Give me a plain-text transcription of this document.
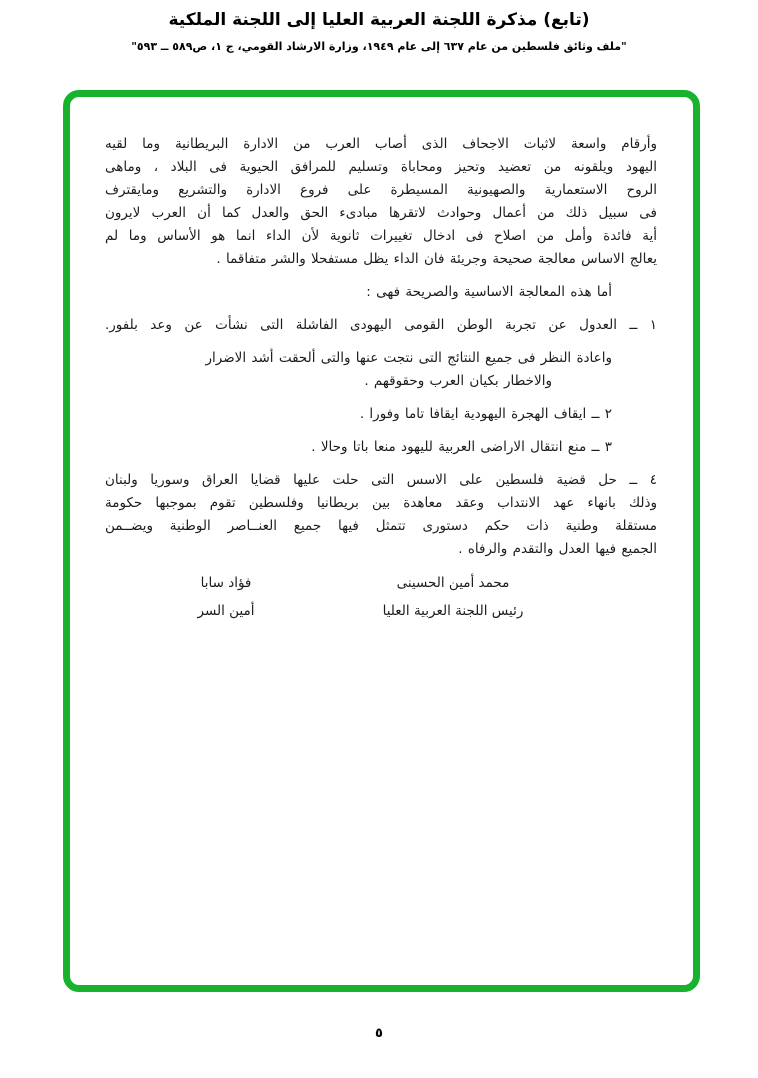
(تابع) مذكرة اللجنة العربية العليا إلى اللجنة الملكية
"ملف وثائق فلسطين من عام ٦٣٧ إلى عام ١٩٤٩، وزارة الارشاد القومي، ج ١، ص٥٨٩ ــ ٥٩٣"
وأرقام واسعة لاثبات الاجحاف الذى أصاب العرب من الادارة البريطانية وما لقيه
اليهود ويلقونه من تعضيد وتحيز ومحاباة وتسليم للمرافق الحيوية فى البلاد ، وماهى
الروح الاستعمارية والصهيونية المسيطرة على فروع الادارة والتشريع ومايقترف
فى سبيل ذلك من أعمال وحوادث لاتقرها مبادىء الحق والعدل كما أن العرب لايرون
أية فائدة وأمل من اصلاح فى ادخال تغييرات ثانوية لأن الداء انما هو الأساس وما لم
يعالج الاساس معالجة صحيحة وجريئة فان الداء يظل مستفحلا والشر متفاقما .
أما هذه المعالجة الاساسية والصريحة فهى :
١ ــ العدول عن تجربة الوطن القومى اليهودى الفاشلة التى نشأت عن وعد بلفور.
واعادة النظر فى جميع النتائج التى نتجت عنها والتى ألحقت أشد الاضرار
والاخطار بكيان العرب وحقوقهم .
٢ ــ ايقاف الهجرة اليهودية ايقافا تاما وفورا .
٣ ــ منع انتقال الاراضى العربية لليهود منعا باتا وحالا .
٤ ــ حل قضية فلسطين على الاسس التى حلت عليها قضايا العراق وسوريا ولبنان
وذلك بانهاء عهد الانتداب وعقد معاهدة بين بريطانيا وفلسطين تقوم بموجبها حكومة
مستقلة وطنية ذات حكم دستورى تتمثل فيها جميع العنــاصر الوطنية ويضــمن
الجميع فيها العدل والتقدم والرفاه .
محمد أمين الحسينى
رئيس اللجنة العربية العليا
فؤاد سابا
أمين السر
٥
